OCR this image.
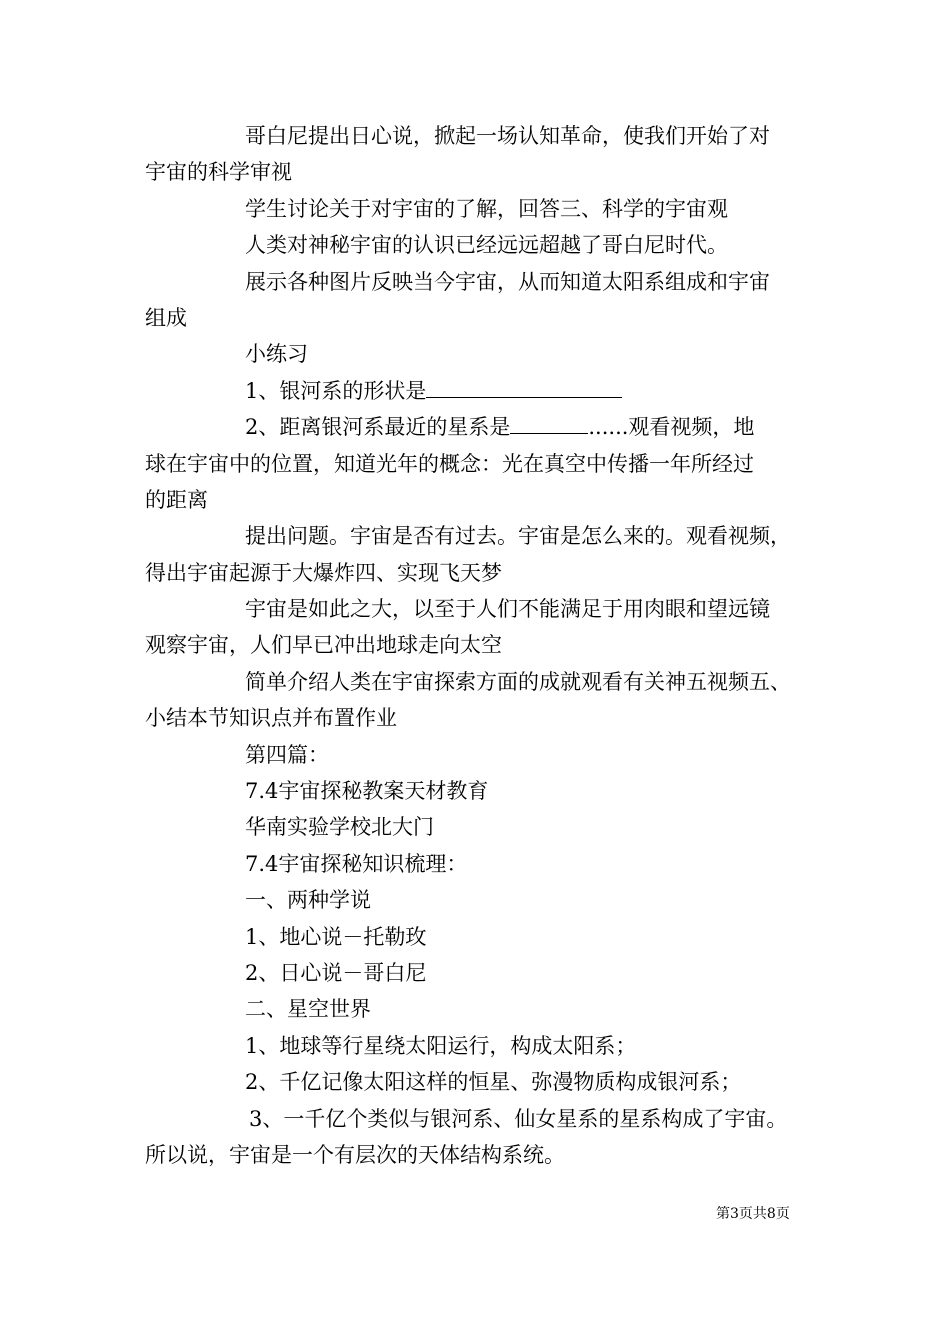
哥白尼提出日心说，掀起一场认知革命，使我们开始了对
宇宙的科学审视
学生讨论关于对宇宙的了解，回答三、科学的宇宙观
人类对神秘宇宙的认识已经远远超越了哥白尼时代。
展示各种图片反映当今宇宙，从而知道太阳系组成和宇宙
组成
小练习
1、银河系的形状是
2、距离银河系最近的星系是	......观看视频，地
球在宇宙中的位置，知道光年的概念：光在真空中传播一年所经过
的距离
提出问题。宇宙是否有过去。宇宙是怎么来的。观看视频，
得出宇宙起源于大爆炸四、实现飞天梦
宇宙是如此之大，以至于人们不能满足于用肉眼和望远镜
观察宇宙，人们早已冲出地球走向太空
简单介绍人类在宇宙探索方面的成就观看有关神五视频五、
小结本节知识点并布置作业
第四篇：
7.4宇宙探秘教案天材教育
华南实验学校北大门
7.4宇宙探秘知识梳理：
一、两种学说
1、地心说－托勒玫
2、日心说－哥白尼
二、星空世界
1、地球等行星绕太阳运行，构成太阳系；
2、千亿记像太阳这样的恒星、弥漫物质构成银河系；
3、一千亿个类似与银河系、仙女星系的星系构成了宇宙。
所以说，宇宙是一个有层次的天体结构系统。
第3页共8页
